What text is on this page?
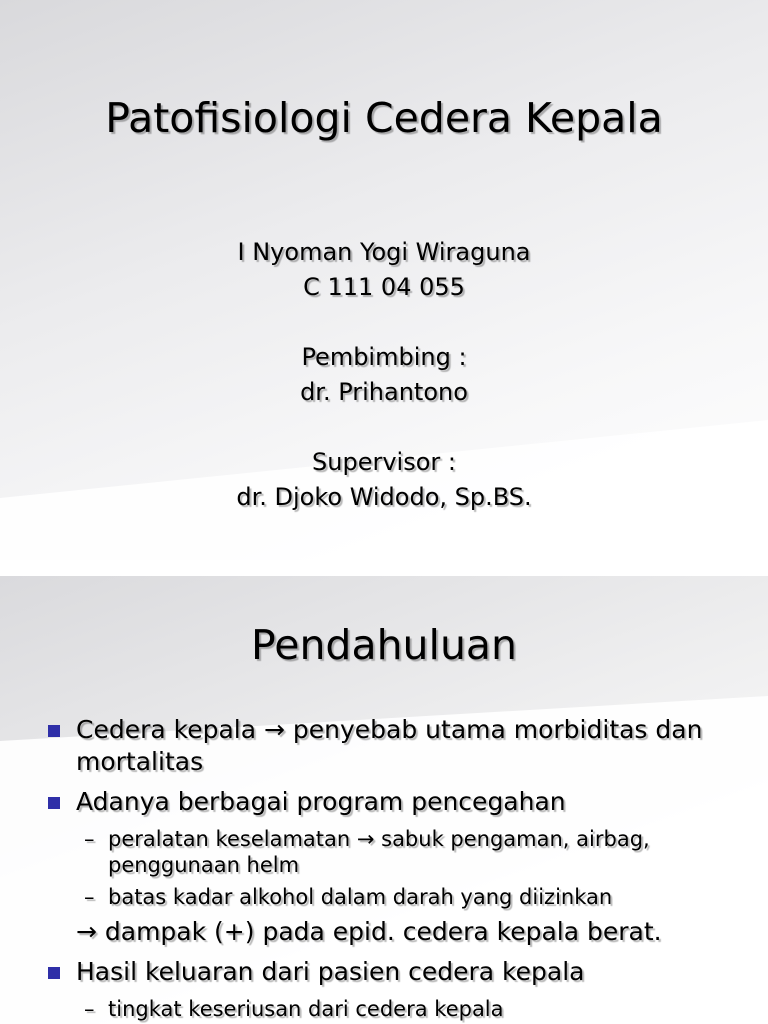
Patofisiologi Cedera Kepala
I Nyoman Yogi Wiraguna
C 111 04 055
Pembimbing :
dr. Prihantono
Supervisor :
dr. Djoko Widodo, Sp.BS.
Pendahuluan
Cedera kepala → penyebab utama morbiditas dan mortalitas
Adanya berbagai program pencegahan
– peralatan keselamatan → sabuk pengaman, airbag, penggunaan helm
– batas kadar alkohol dalam darah yang diizinkan
→ dampak (+) pada epid. cedera kepala berat.
Hasil keluaran dari pasien cedera kepala
– tingkat keseriusan dari cedera kepala
